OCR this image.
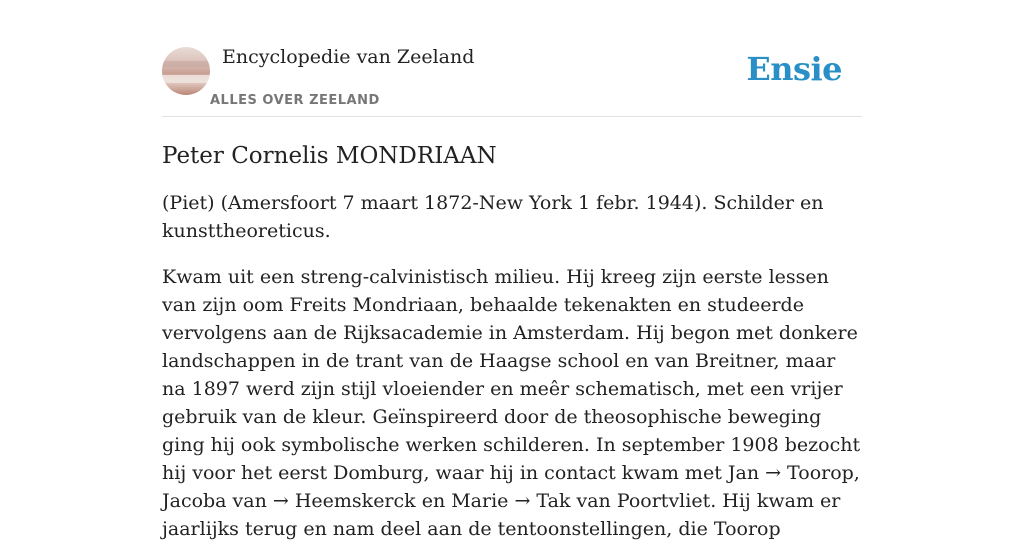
Encyclopedie van Zeeland
ALLES OVER ZEELAND
Ensie
Peter Cornelis MONDRIAAN

(Piet) (Amersfoort 7 maart 1872-New York 1 febr. 1944). Schilder en kunsttheoreticus.

Kwam uit een streng-calvinistisch milieu. Hij kreeg zijn eerste lessen van zijn oom Freits Mondriaan, behaalde tekenakten en studeerde vervolgens aan de Rijksacademie in Amsterdam. Hij begon met donkere landschappen in de trant van de Haagse school en van Breitner, maar na 1897 werd zijn stijl vloeiender en meêr schematisch, met een vrijer gebruik van de kleur. Geïnspireerd door de theosophische beweging ging hij ook symbolische werken schilderen. In september 1908 bezocht hij voor het eerst Domburg, waar hij in contact kwam met Jan → Toorop, Jacoba van → Heemskerck en Marie → Tak van Poortvliet. Hij kwam er jaarlijks terug en nam deel aan de tentoonstellingen, die Toorop
